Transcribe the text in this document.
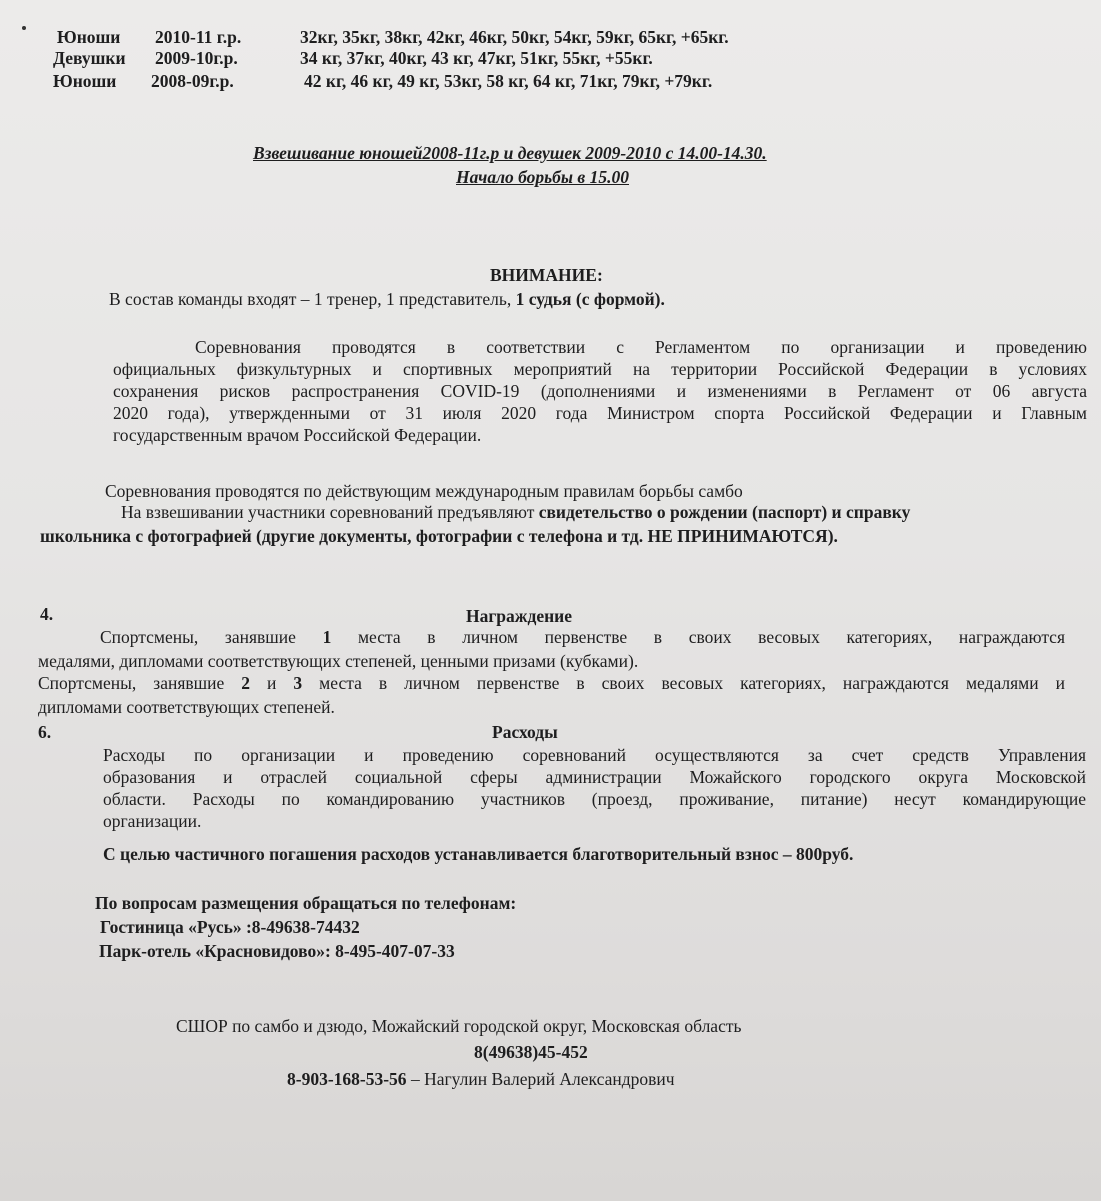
Юноши 2010-11 г.р.	32кг, 35кг, 38кг, 42кг, 46кг, 50кг, 54кг, 59кг, 65кг, +65кг.
Девушки 2009-10г.р.	34 кг, 37кг, 40кг, 43 кг, 47кг, 51кг, 55кг, +55кг.
Юноши 2008-09г.р.	42 кг, 46 кг, 49 кг, 53кг, 58 кг, 64 кг, 71кг, 79кг, +79кг.
Взвешивание юношей2008-11г.р и девушек 2009-2010 с 14.00-14.30.
Начало борьбы в 15.00
ВНИМАНИЕ:
В состав команды входят – 1 тренер, 1 представитель, 1 судья (с формой).
Соревнования проводятся в соответствии с Регламентом по организации и проведению
официальных физкультурных и спортивных мероприятий на территории Российской Федерации в условиях
сохранения рисков распространения COVID-19 (дополнениями и изменениями в Регламент от 06 августа
2020 года), утвержденными от 31 июля 2020 года Министром спорта Российской Федерации и Главным
государственным врачом Российской Федерации.
Соревнования проводятся по действующим международным правилам борьбы самбо
На взвешивании участники соревнований предъявляют свидетельство о рождении (паспорт) и справку
школьника с фотографией (другие документы, фотографии с телефона и тд. НЕ ПРИНИМАЮТСЯ).
4.	Награждение
Спортсмены, занявшие 1 места в личном первенстве в своих весовых категориях, награждаются
медалями, дипломами соответствующих степеней, ценными призами (кубками).
Спортсмены, занявшие 2 и 3 места в личном первенстве в своих весовых категориях, награждаются медалями и
дипломами соответствующих степеней.
6.	Расходы
Расходы по организации и проведению соревнований осуществляются за счет средств Управления
образования и отраслей социальной сферы администрации Можайского городского округа Московской
области. Расходы по командированию участников (проезд, проживание, питание) несут командирующие
организации.
С целью частичного погашения расходов устанавливается благотворительный взнос – 800руб.
По вопросам размещения обращаться по телефонам:
Гостиница «Русь» :8-49638-74432
Парк-отель «Красновидово»: 8-495-407-07-33
СШОР по самбо и дзюдо, Можайский городской округ, Московская область
8(49638)45-452
8-903-168-53-56 – Нагулин Валерий Александрович
